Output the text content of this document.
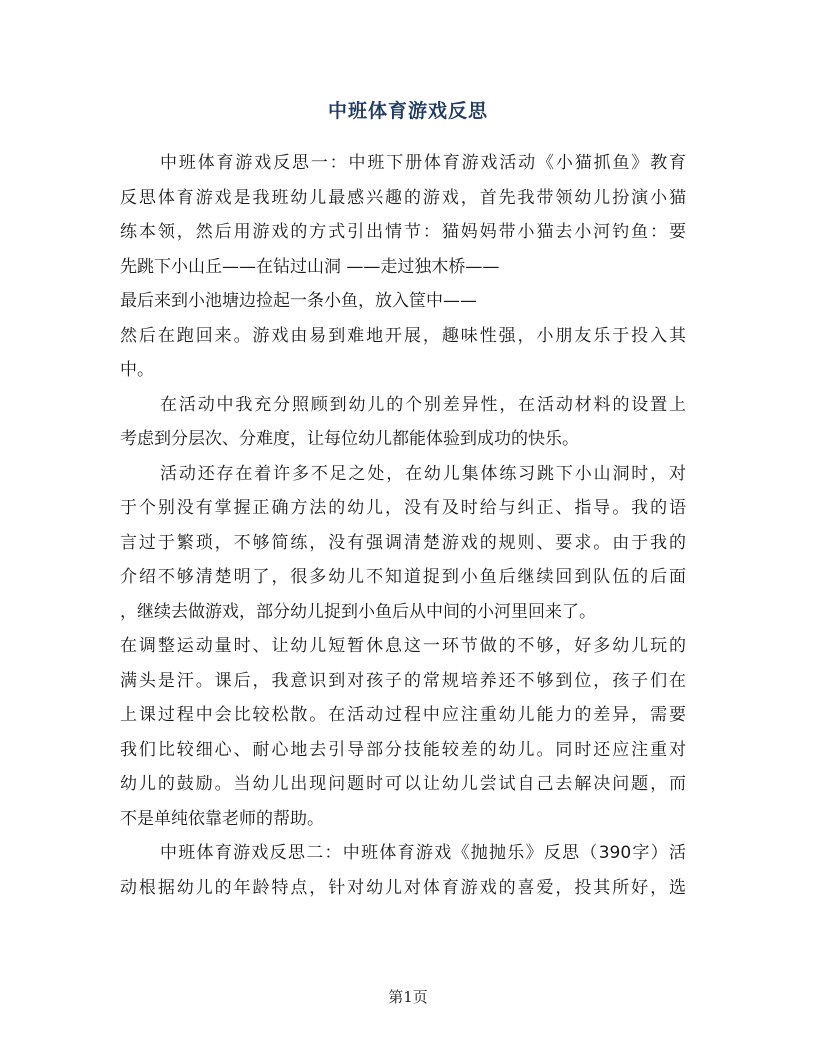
中班体育游戏反思
中班体育游戏反思一：中班下册体育游戏活动《小猫抓鱼》教育
反思体育游戏是我班幼儿最感兴趣的游戏，首先我带领幼儿扮演小猫
练本领，然后用游戏的方式引出情节：猫妈妈带小猫去小河钓鱼：要
先跳下小山丘——在钻过山洞 ——走过独木桥——
最后来到小池塘边捡起一条小鱼，放入筐中——
然后在跑回来。游戏由易到难地开展，趣味性强，小朋友乐于投入其
中。
在活动中我充分照顾到幼儿的个别差异性，在活动材料的设置上
考虑到分层次、分难度，让每位幼儿都能体验到成功的快乐。
活动还存在着许多不足之处，在幼儿集体练习跳下小山洞时，对
于个别没有掌握正确方法的幼儿，没有及时给与纠正、指导。我的语
言过于繁琐，不够简练，没有强调清楚游戏的规则、要求。由于我的
介绍不够清楚明了，很多幼儿不知道捉到小鱼后继续回到队伍的后面
，继续去做游戏，部分幼儿捉到小鱼后从中间的小河里回来了。
在调整运动量时、让幼儿短暂休息这一环节做的不够，好多幼儿玩的
满头是汗。课后，我意识到对孩子的常规培养还不够到位，孩子们在
上课过程中会比较松散。在活动过程中应注重幼儿能力的差异，需要
我们比较细心、耐心地去引导部分技能较差的幼儿。同时还应注重对
幼儿的鼓励。当幼儿出现问题时可以让幼儿尝试自己去解决问题，而
不是单纯依靠老师的帮助。
中班体育游戏反思二：中班体育游戏《抛抛乐》反思（390字）活
动根据幼儿的年龄特点，针对幼儿对体育游戏的喜爱，投其所好，选
第1页
